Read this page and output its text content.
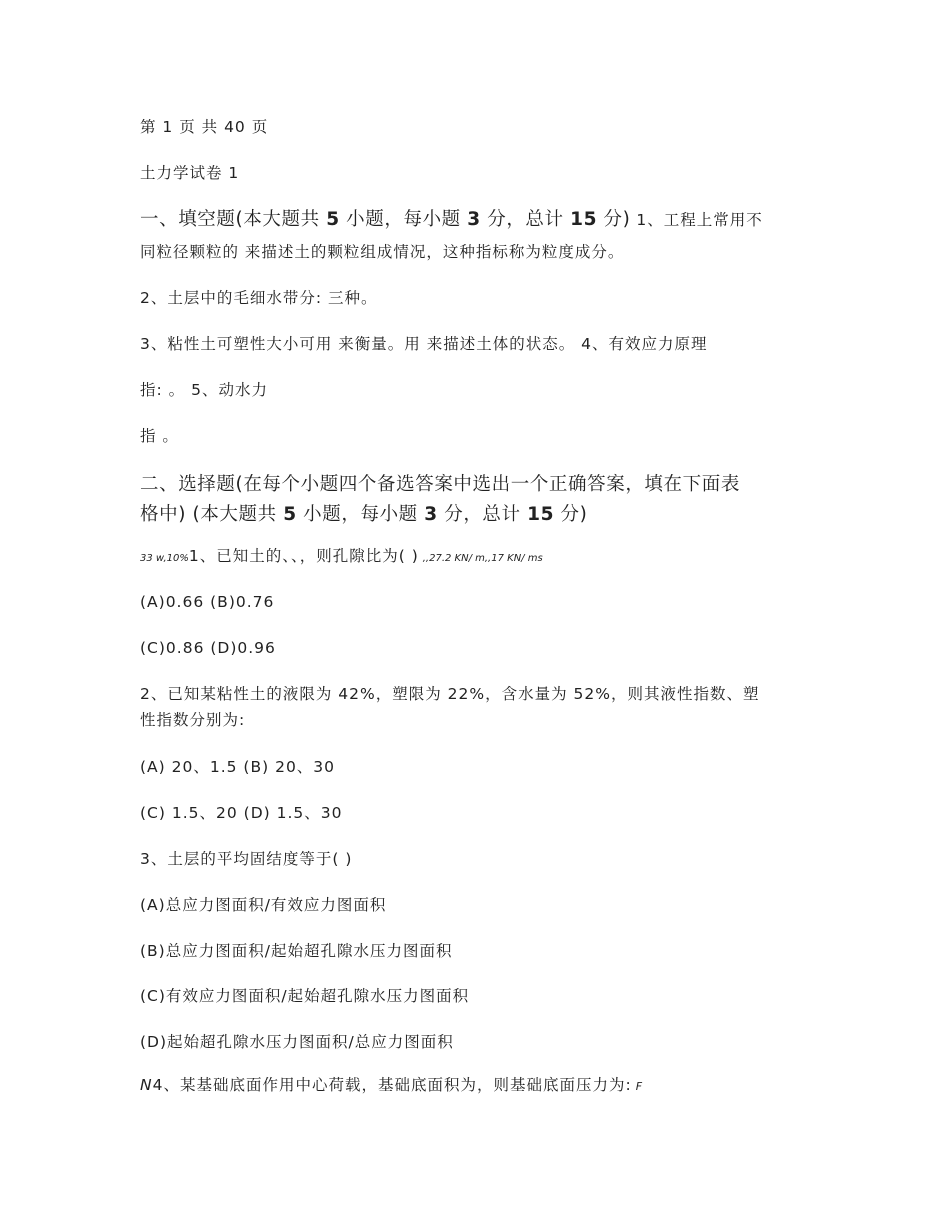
第 1 页 共 40 页
土力学试卷 1
一、填空题(本大题共 5 小题，每小题 3 分，总计 15 分) 1、工程上常用不
同粒径颗粒的 来描述土的颗粒组成情况，这种指标称为粒度成分。
2、土层中的毛细水带分: 三种。
3、粘性土可塑性大小可用 来衡量。用 来描述土体的状态。 4、有效应力原理
指: 。 5、动水力
指 。
二、选择题(在每个小题四个备选答案中选出一个正确答案，填在下面表
格中) (本大题共 5 小题，每小题 3 分，总计 15 分)
33 w,10%1、已知土的、、，则孔隙比为( ) ,,27.2 KN/ m,,17 KN/ ms
(A)0.66 (B)0.76
(C)0.86 (D)0.96
2、已知某粘性土的液限为 42%，塑限为 22%，含水量为 52%，则其液性指数、塑
性指数分别为:
(A) 20、1.5 (B) 20、30
(C) 1.5、20 (D) 1.5、30
3、土层的平均固结度等于( )
(A)总应力图面积/有效应力图面积
(B)总应力图面积/起始超孔隙水压力图面积
(C)有效应力图面积/起始超孔隙水压力图面积
(D)起始超孔隙水压力图面积/总应力图面积
N4、某基础底面作用中心荷载，基础底面积为，则基础底面压力为: F
